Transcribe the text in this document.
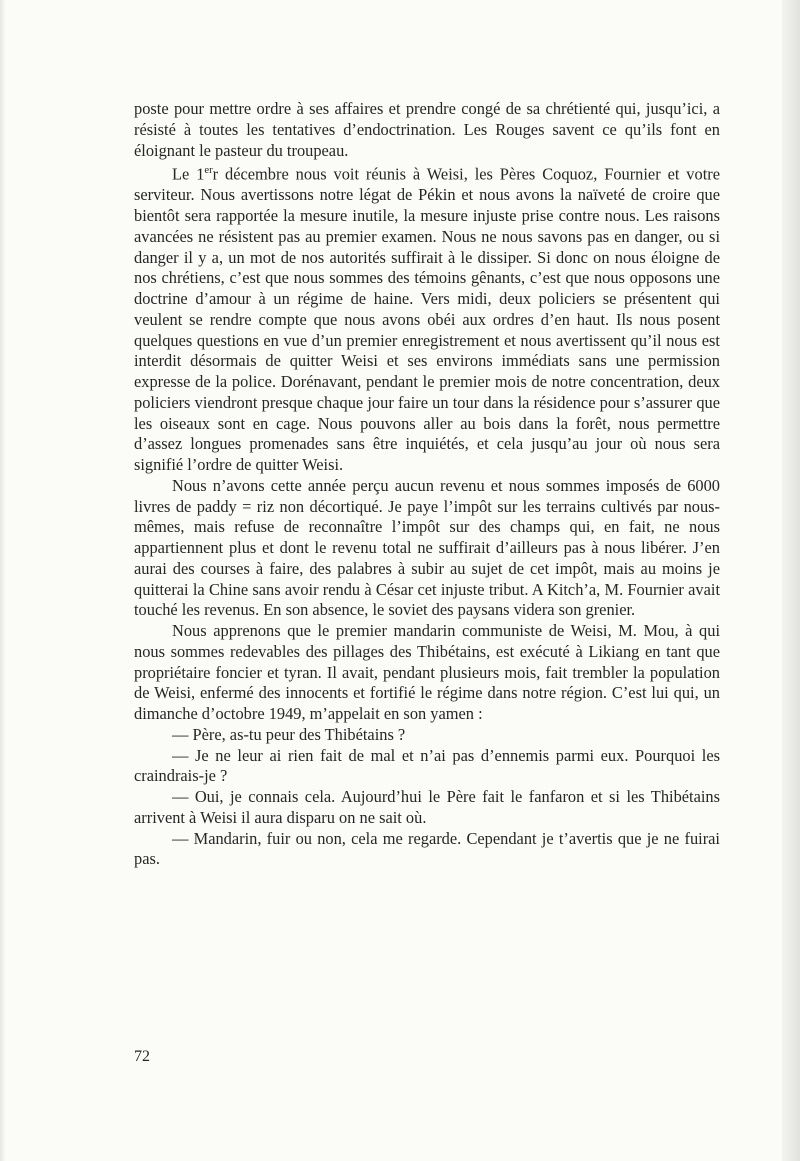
poste pour mettre ordre à ses affaires et prendre congé de sa chrétienté qui, jusqu’ici, a résisté à toutes les tentatives d’endoctrination. Les Rouges savent ce qu’ils font en éloignant le pasteur du troupeau.

Le 1err décembre nous voit réunis à Weisi, les Pères Coquoz, Fournier et votre serviteur. Nous avertissons notre légat de Pékin et nous avons la naïveté de croire que bientôt sera rapportée la mesure inutile, la mesure injuste prise contre nous. Les raisons avancées ne résistent pas au premier examen. Nous ne nous savons pas en danger, ou si danger il y a, un mot de nos autorités suffirait à le dissiper. Si donc on nous éloigne de nos chrétiens, c’est que nous sommes des témoins gênants, c’est que nous opposons une doctrine d’amour à un régime de haine. Vers midi, deux policiers se présentent qui veulent se rendre compte que nous avons obéi aux ordres d’en haut. Ils nous posent quelques questions en vue d’un premier enregistrement et nous avertissent qu’il nous est interdit désormais de quitter Weisi et ses environs immédiats sans une permission expresse de la police. Dorénavant, pendant le premier mois de notre concentration, deux policiers viendront presque chaque jour faire un tour dans la résidence pour s’assurer que les oiseaux sont en cage. Nous pouvons aller au bois dans la forêt, nous permettre d’assez longues promenades sans être inquiétés, et cela jusqu’au jour où nous sera signifié l’ordre de quitter Weisi.

Nous n’avons cette année perçu aucun revenu et nous sommes imposés de 6000 livres de paddy = riz non décortiqué. Je paye l’impôt sur les terrains cultivés par nous-mêmes, mais refuse de reconnaître l’impôt sur des champs qui, en fait, ne nous appartiennent plus et dont le revenu total ne suffirait d’ailleurs pas à nous libérer. J’en aurai des courses à faire, des palabres à subir au sujet de cet impôt, mais au moins je quitterai la Chine sans avoir rendu à César cet injuste tribut. A Kitch’a, M. Fournier avait touché les revenus. En son absence, le soviet des paysans videra son grenier.

Nous apprenons que le premier mandarin communiste de Weisi, M. Mou, à qui nous sommes redevables des pillages des Thibétains, est exécuté à Likiang en tant que propriétaire foncier et tyran. Il avait, pendant plusieurs mois, fait trembler la population de Weisi, enfermé des innocents et fortifié le régime dans notre région. C’est lui qui, un dimanche d’octobre 1949, m’appelait en son yamen :

— Père, as-tu peur des Thibétains ?

— Je ne leur ai rien fait de mal et n’ai pas d’ennemis parmi eux. Pourquoi les craindrais-je ?

— Oui, je connais cela. Aujourd’hui le Père fait le fanfaron et si les Thibétains arrivent à Weisi il aura disparu on ne sait où.

— Mandarin, fuir ou non, cela me regarde. Cependant je t’avertis que je ne fuirai pas.

72
